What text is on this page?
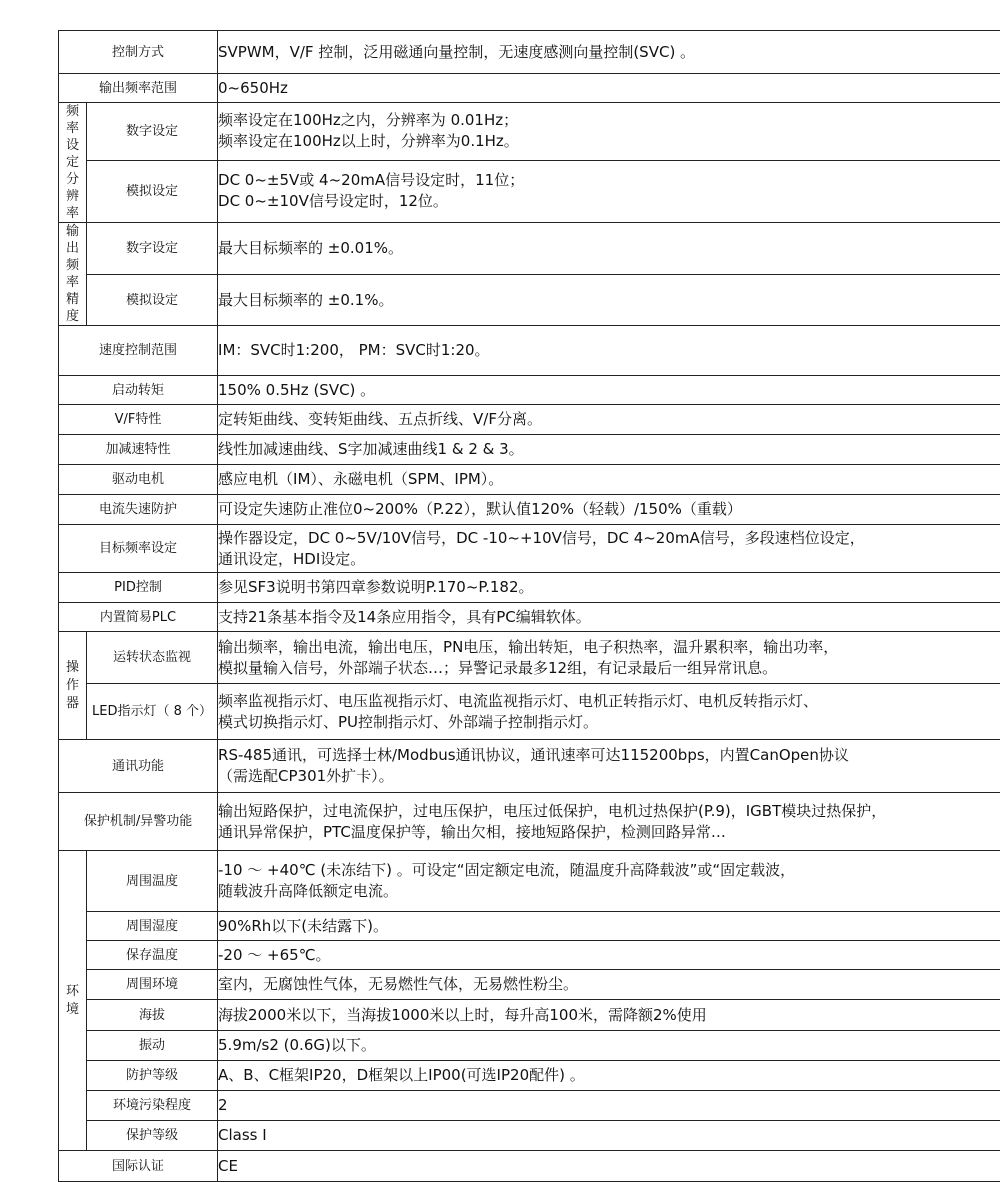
控制方式		SVPWM，V/F 控制，泛用磁通向量控制，无速度感测向量控制(SVC) 。
输出频率范围		0~650Hz
频率设定分辨率	数字设定	频率设定在100Hz之内，分辨率为 0.01Hz；
频率设定在100Hz以上时，分辨率为0.1Hz。

	模拟设定	DC 0~±5V或 4~20mA信号设定时，11位；
DC 0~±10V信号设定时，12位。

输出频率精度	数字设定	最大目标频率的 ±0.01%。
	模拟设定	最大目标频率的 ±0.1%。
速度控制范围		IM：SVC时1:200， PM：SVC时1:20。
启动转矩		150% 0.5Hz (SVC) 。
V/F特性		定转矩曲线、变转矩曲线、五点折线、V/F分离。
加减速特性		线性加减速曲线、S字加减速曲线1 & 2 & 3。
驱动电机		感应电机（IM）、永磁电机（SPM、IPM）。
电流失速防护		可设定失速防止准位0~200%（P.22），默认值120%（轻载）/150%（重载）
目标频率设定		操作器设定，DC 0~5V/10V信号，DC -10~+10V信号，DC 4~20mA信号，多段速档位设定，
通讯设定，HDI设定。

PID控制		参见SF3说明书第四章参数说明P.170~P.182。
内置简易PLC		支持21条基本指令及14条应用指令，具有PC编辑软体。

操
作
器	运转状态监视	输出频率，输出电流，输出电压，PN电压，输出转矩，电子积热率，温升累积率，输出功率，
模拟量输入信号，外部端子状态…；异警记录最多12组，有记录最后一组异常讯息。

	LED指示灯（ 8 个）	频率监视指示灯、电压监视指示灯、电流监视指示灯、电机正转指示灯、电机反转指示灯、
模式切换指示灯、PU控制指示灯、外部端子控制指示灯。

通讯功能		RS-485通讯，可选择士林/Modbus通讯协议，通讯速率可达115200bps，内置CanOpen协议
（需选配CP301外扩卡）。

保护机制/异警功能		输出短路保护，过电流保护，过电压保护，电压过低保护，电机过热保护(P.9)，IGBT模块过热保护，
通讯异常保护，PTC温度保护等，输出欠相，接地短路保护，检测回路异常…

环
境	周围温度	-10 ～ +40℃ (未冻结下) 。可设定“固定额定电流，随温度升高降载波”或“固定载波，
随载波升高降低额定电流。

	周围湿度	90%Rh以下(未结露下)。
	保存温度	-20 ～ +65℃。
	周围环境	室内，无腐蚀性气体，无易燃性气体，无易燃性粉尘。
	海拔	海拔2000米以下，当海拔1000米以上时，每升高100米，需降额2%使用
	振动	5.9m/s2 (0.6G)以下。
	防护等级	A、B、C框架IP20，D框架以上IP00(可选IP20配件) 。
	环境污染程度	2
	保护等级	Class I
国际认证		CE
